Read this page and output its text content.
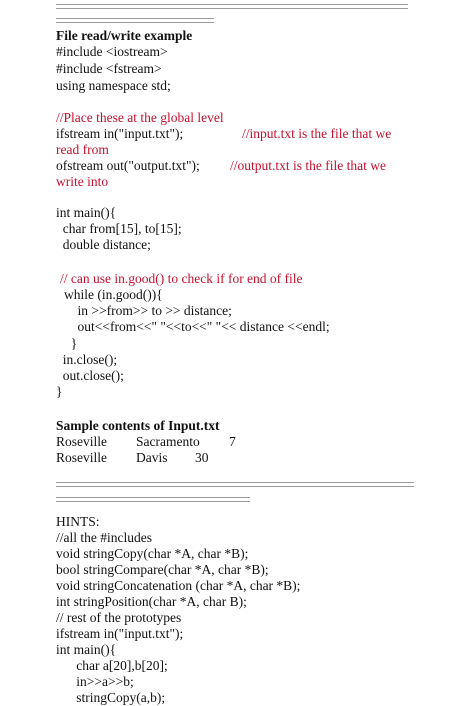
File read/write example
#include <iostream>
#include <fstream>
using namespace std;
//Place these at the global level
ifstream in("input.txt");	//input.txt is the file that we
read from
ofstream out("output.txt"); //output.txt is the file that we
write into
int main(){
char from[15], to[15];
double distance;
// can use in.good() to check if for end of file
while (in.good()){
in >>from>> to >> distance;
out<<from<<" "<<to<<" "<< distance <<endl;
}
in.close();
out.close();
}
Sample contents of Input.txt
Roseville Sacramento 7
Roseville Davis 30
HINTS:
//all the #includes
void stringCopy(char *A, char *B);
bool stringCompare(char *A, char *B);
void stringConcatenation (char *A, char *B);
int stringPosition(char *A, char B);
// rest of the prototypes
ifstream in("input.txt");
int main(){
char a[20],b[20];
in>>a>>b;
stringCopy(a,b);
